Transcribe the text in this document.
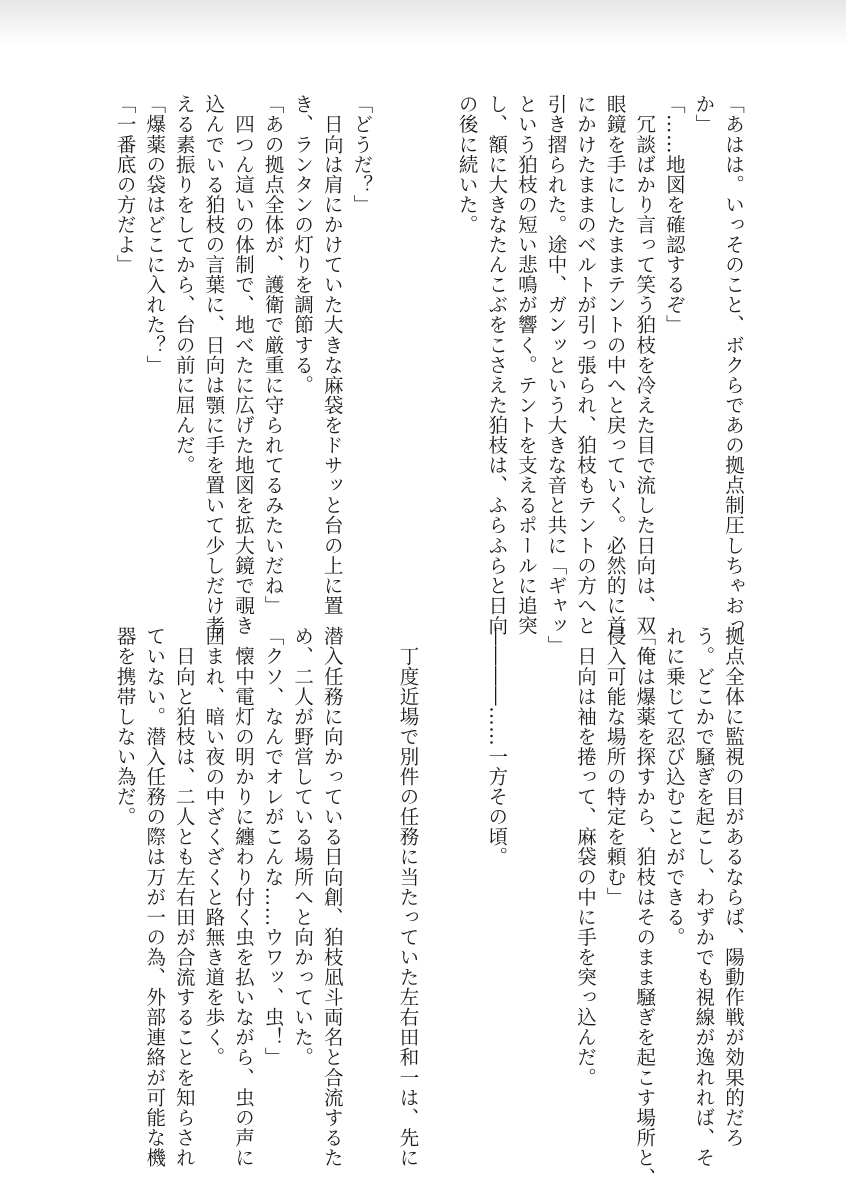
「あはは。いっそのこと、ボクらであの拠点制圧しちゃおっ
か」
「……地図を確認するぞ」
　冗談ばかり言って笑う狛枝を冷えた目で流した日向は、双
眼鏡を手にしたままテントの中へと戻っていく。必然的に首
にかけたままのベルトが引っ張られ、狛枝もテントの方へと
引き摺られた。途中、ガンッという大きな音と共に「ギャッ」
という狛枝の短い悲鳴が響く。テントを支えるポールに追突
し、額に大きなたんこぶをこさえた狛枝は、ふらふらと日向
の後に続いた。
「どうだ？」
　日向は肩にかけていた大きな麻袋をドサッと台の上に置
き、ランタンの灯りを調節する。
「あの拠点全体が、護衛で厳重に守られてるみたいだね」
　四つん這いの体制で、地べたに広げた地図を拡大鏡で覗き
込んでいる狛枝の言葉に、日向は顎に手を置いて少しだけ考
える素振りをしてから、台の前に屈んだ。
「爆薬の袋はどこに入れた？」
「一番底の方だよ」
拠点全体に監視の目があるならば、陽動作戦が効果的だろ
う。どこかで騒ぎを起こし、わずかでも視線が逸れれば、そ
れに乗じて忍び込むことができる。
「俺は爆薬を探すから、狛枝はそのまま騒ぎを起こす場所と、
侵入可能な場所の特定を頼む」
　日向は袖を捲って、麻袋の中に手を突っ込んだ。
――――……一方その頃。
　丁度近場で別件の任務に当たっていた左右田和一は、先に
潜入任務に向かっている日向創、狛枝凪斗両名と合流するた
め、二人が野営している場所へと向かっていた。
「クソ、なんでオレがこんな……ウワッ、虫！」
　懐中電灯の明かりに纏わり付く虫を払いながら、虫の声に
囲まれ、暗い夜の中ざくざくと路無き道を歩く。
　日向と狛枝は、二人とも左右田が合流することを知らされ
ていない。潜入任務の際は万が一の為、外部連絡が可能な機
器を携帯しない為だ。
